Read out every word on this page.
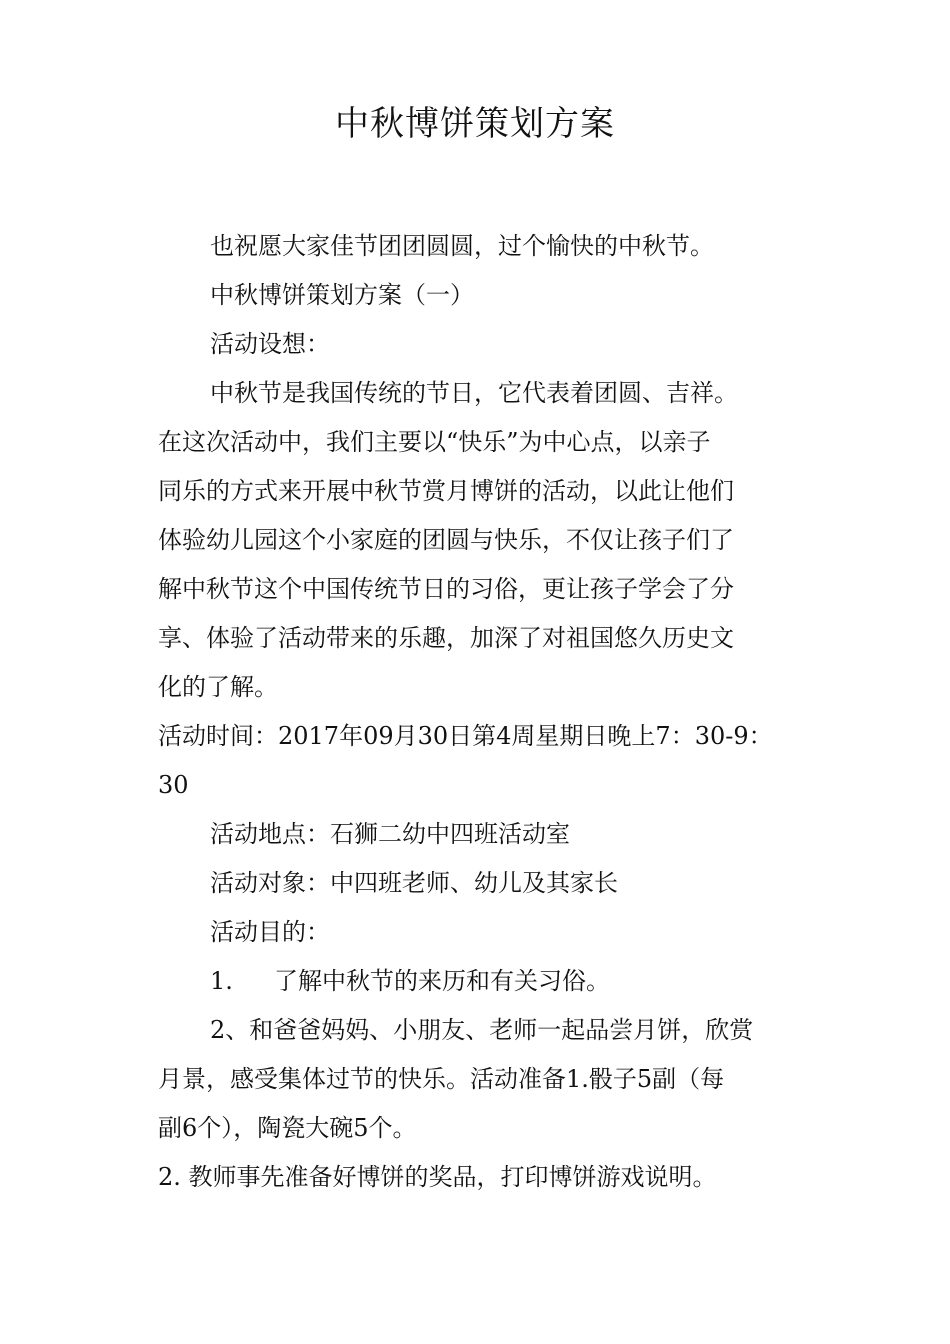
中秋博饼策划方案

也祝愿大家佳节团团圆圆，过个愉快的中秋节。

中秋博饼策划方案（一）

活动设想：

中秋节是我国传统的节日，它代表着团圆、吉祥。

在这次活动中，我们主要以“快乐”为中心点，以亲子

同乐的方式来开展中秋节赏月博饼的活动，以此让他们

体验幼儿园这个小家庭的团圆与快乐，不仅让孩子们了

解中秋节这个中国传统节日的习俗，更让孩子学会了分

享、体验了活动带来的乐趣，加深了对祖国悠久历史文

化的了解。

活动时间：2017年09月30日第4周星期日晚上7：30-9：

30

活动地点：石狮二幼中四班活动室

活动对象：中四班老师、幼儿及其家长

活动目的：

1. 了解中秋节的来历和有关习俗。

2、和爸爸妈妈、小朋友、老师一起品尝月饼，欣赏

月景，感受集体过节的快乐。活动准备1.骰子5副（每

副6个），陶瓷大碗5个。

2. 教师事先准备好博饼的奖品，打印博饼游戏说明。
